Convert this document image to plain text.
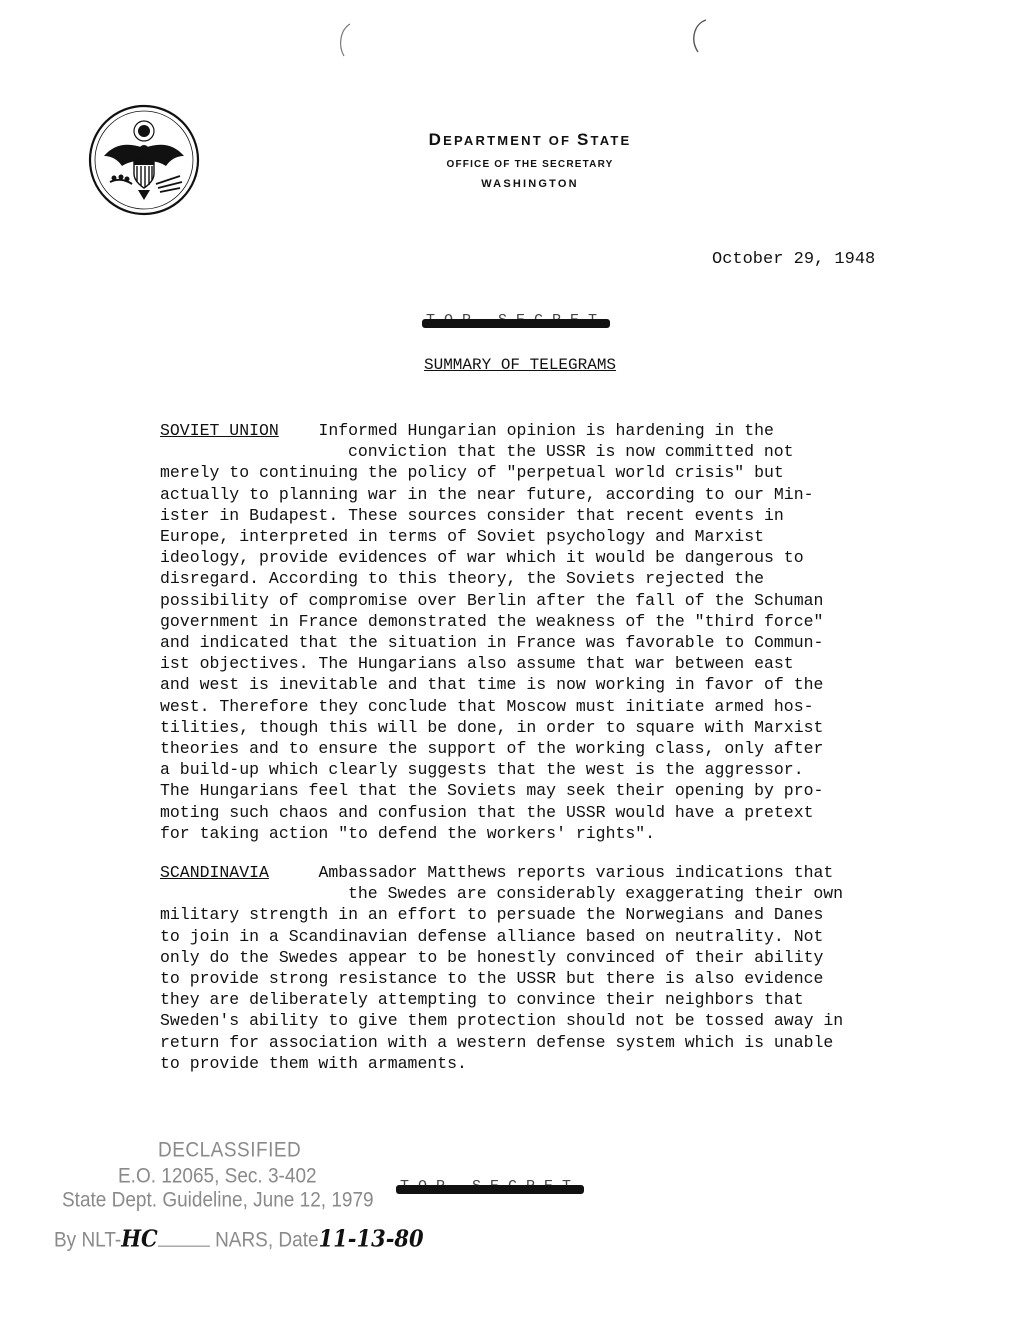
DEPARTMENT OF STATE
OFFICE OF THE SECRETARY
WASHINGTON
October 29, 1948
SUMMARY OF TELEGRAMS
SOVIET UNION Informed Hungarian opinion is hardening in the
conviction that the USSR is now committed not
merely to continuing the policy of "perpetual world crisis" but
actually to planning war in the near future, according to our Min-
ister in Budapest. These sources consider that recent events in
Europe, interpreted in terms of Soviet psychology and Marxist
ideology, provide evidences of war which it would be dangerous to
disregard. According to this theory, the Soviets rejected the
possibility of compromise over Berlin after the fall of the Schuman
government in France demonstrated the weakness of the "third force"
and indicated that the situation in France was favorable to Commun-
ist objectives. The Hungarians also assume that war between east
and west is inevitable and that time is now working in favor of the
west. Therefore they conclude that Moscow must initiate armed hos-
tilities, though this will be done, in order to square with Marxist
theories and to ensure the support of the working class, only after
a build-up which clearly suggests that the west is the aggressor.
The Hungarians feel that the Soviets may seek their opening by pro-
moting such chaos and confusion that the USSR would have a pretext
for taking action "to defend the workers' rights".
SCANDINAVIA	Ambassador Matthews reports various indications that
the Swedes are considerably exaggerating their own
military strength in an effort to persuade the Norwegians and Danes
to join in a Scandinavian defense alliance based on neutrality. Not
only do the Swedes appear to be honestly convinced of their ability
to provide strong resistance to the USSR but there is also evidence
they are deliberately attempting to convince their neighbors that
Sweden's ability to give them protection should not be tossed away in
return for association with a western defense system which is unable
to provide them with armaments.
DECLASSIFIED
E.O. 12065, Sec. 3-402
State Dept. Guideline, June 12, 1979
By NLT-HC	NARS, Date11-13-80
